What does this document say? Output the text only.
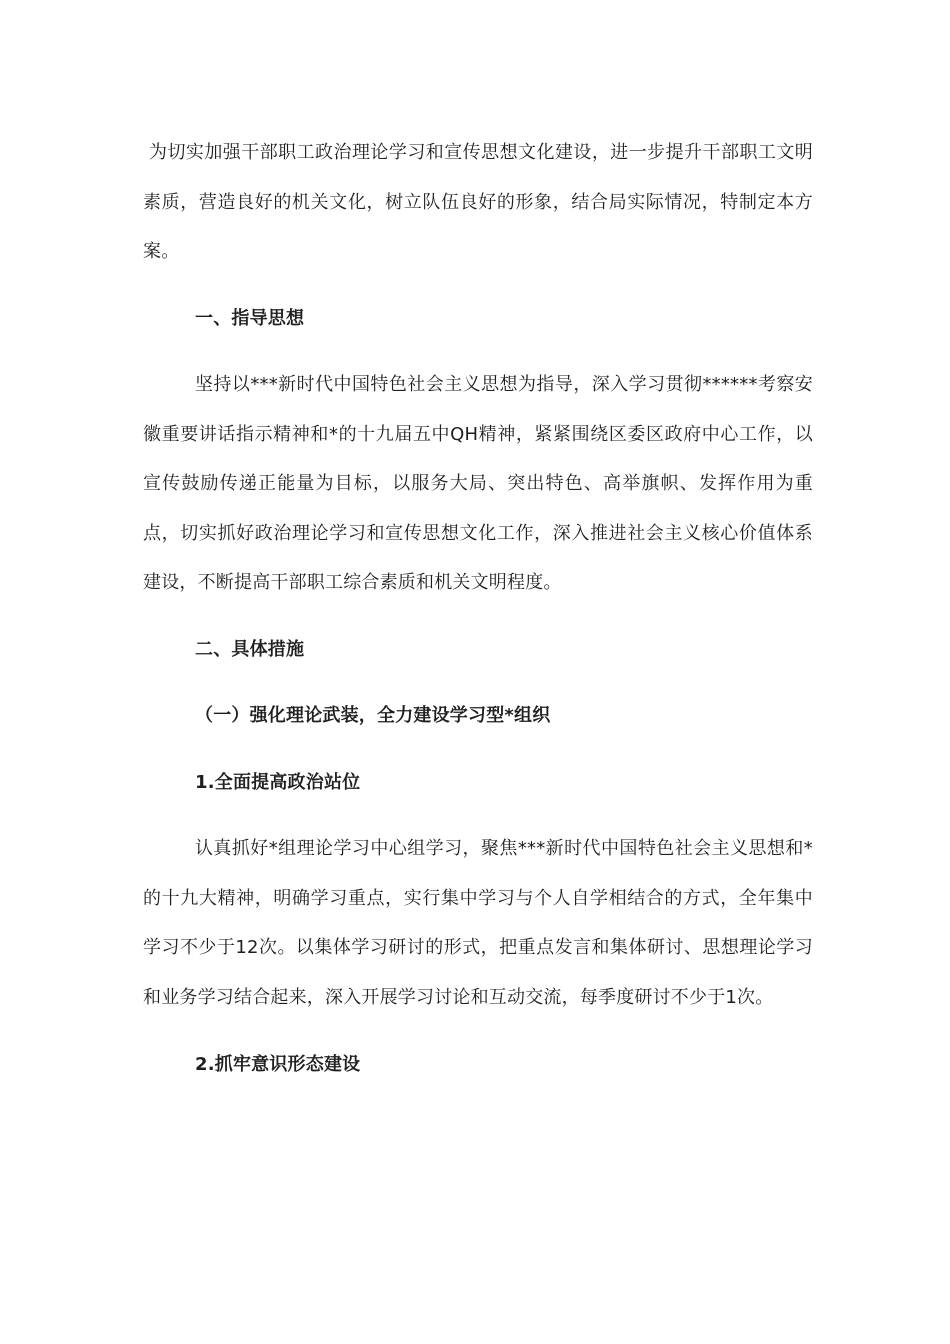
为切实加强干部职工政治理论学习和宣传思想文化建设，进一步提升干部职工文明素质，营造良好的机关文化，树立队伍良好的形象，结合局实际情况，特制定本方案。

一、指导思想

坚持以***新时代中国特色社会主义思想为指导，深入学习贯彻******考察安徽重要讲话指示精神和*的十九届五中QH精神，紧紧围绕区委区政府中心工作，以宣传鼓励传递正能量为目标，以服务大局、突出特色、高举旗帜、发挥作用为重点，切实抓好政治理论学习和宣传思想文化工作，深入推进社会主义核心价值体系建设，不断提高干部职工综合素质和机关文明程度。

二、具体措施

（一）强化理论武装，全力建设学习型*组织

1.全面提高政治站位

认真抓好*组理论学习中心组学习，聚焦***新时代中国特色社会主义思想和*的十九大精神，明确学习重点，实行集中学习与个人自学相结合的方式，全年集中学习不少于12次。以集体学习研讨的形式，把重点发言和集体研讨、思想理论学习和业务学习结合起来，深入开展学习讨论和互动交流，每季度研讨不少于1次。

2.抓牢意识形态建设
